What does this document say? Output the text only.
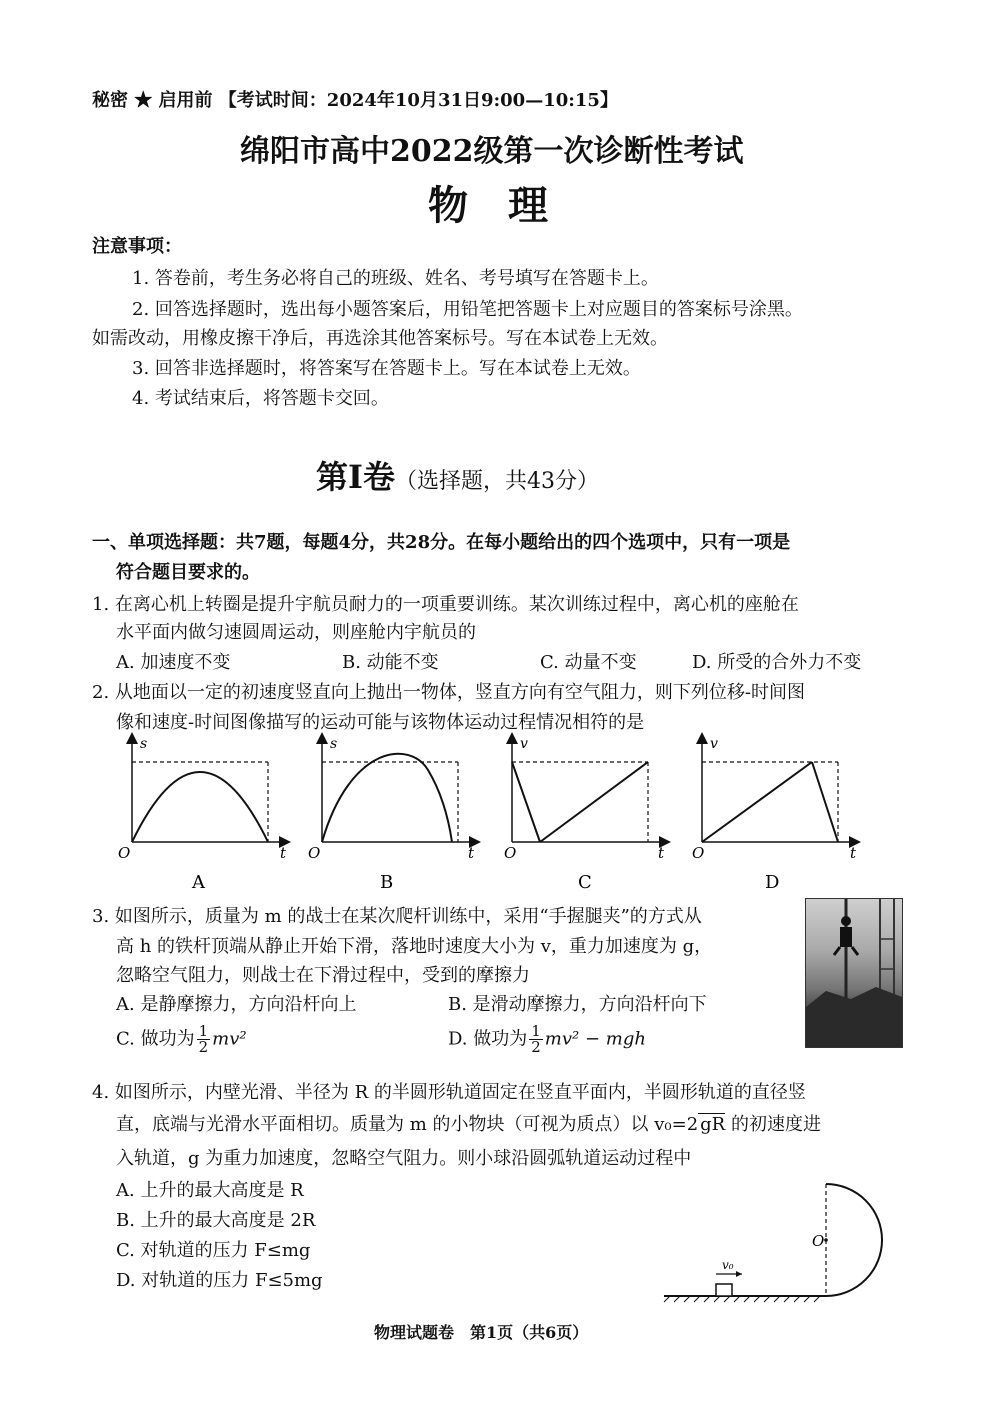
秘密 ★ 启用前 【考试时间：2024年10月31日9:00—10:15】
绵阳市高中2022级第一次诊断性考试
物　理
注意事项：
1. 答卷前，考生务必将自己的班级、姓名、考号填写在答题卡上。
2. 回答选择题时，选出每小题答案后，用铅笔把答题卡上对应题目的答案标号涂黑。
如需改动，用橡皮擦干净后，再选涂其他答案标号。写在本试卷上无效。
3. 回答非选择题时，将答案写在答题卡上。写在本试卷上无效。
4. 考试结束后，将答题卡交回。
第I卷（选择题，共43分）
一、单项选择题：共7题，每题4分，共28分。在每小题给出的四个选项中，只有一项是
符合题目要求的。
1. 在离心机上转圈是提升宇航员耐力的一项重要训练。某次训练过程中，离心机的座舱在
水平面内做匀速圆周运动，则座舱内宇航员的
A. 加速度不变	B. 动能不变	C. 动量不变	D. 所受的合外力不变
2. 从地面以一定的初速度竖直向上抛出一物体，竖直方向有空气阻力，则下列位移-时间图
像和速度-时间图像描写的运动可能与该物体运动过程情况相符的是
s
O	t
A
s
O	t
B
v
O	t
C
v
O	t
D
3. 如图所示，质量为 m 的战士在某次爬杆训练中，采用“手握腿夹”的方式从
高 h 的铁杆顶端从静止开始下滑，落地时速度大小为 v，重力加速度为 g，
忽略空气阻力，则战士在下滑过程中，受到的摩擦力
A. 是静摩擦力，方向沿杆向上	B. 是滑动摩擦力，方向沿杆向下
C. 做功为 $\frac{1}{2} mv^2$	D. 做功为 $\frac{1}{2} mv^2$ − mgh
4. 如图所示，内壁光滑、半径为 R 的半圆形轨道固定在竖直平面内，半圆形轨道的直径竖
直，底端与光滑水平面相切。质量为 m 的小物块（可视为质点）以 v₀=2 gR 的初速度进
入轨道，g 为重力加速度，忽略空气阻力。则小球沿圆弧轨道运动过程中
A. 上升的最大高度是 R
B. 上升的最大高度是 2R
C. 对轨道的压力 F≤mg
D. 对轨道的压力 F≤5mg
v₀
O
物理试题卷　第1页（共6页）
